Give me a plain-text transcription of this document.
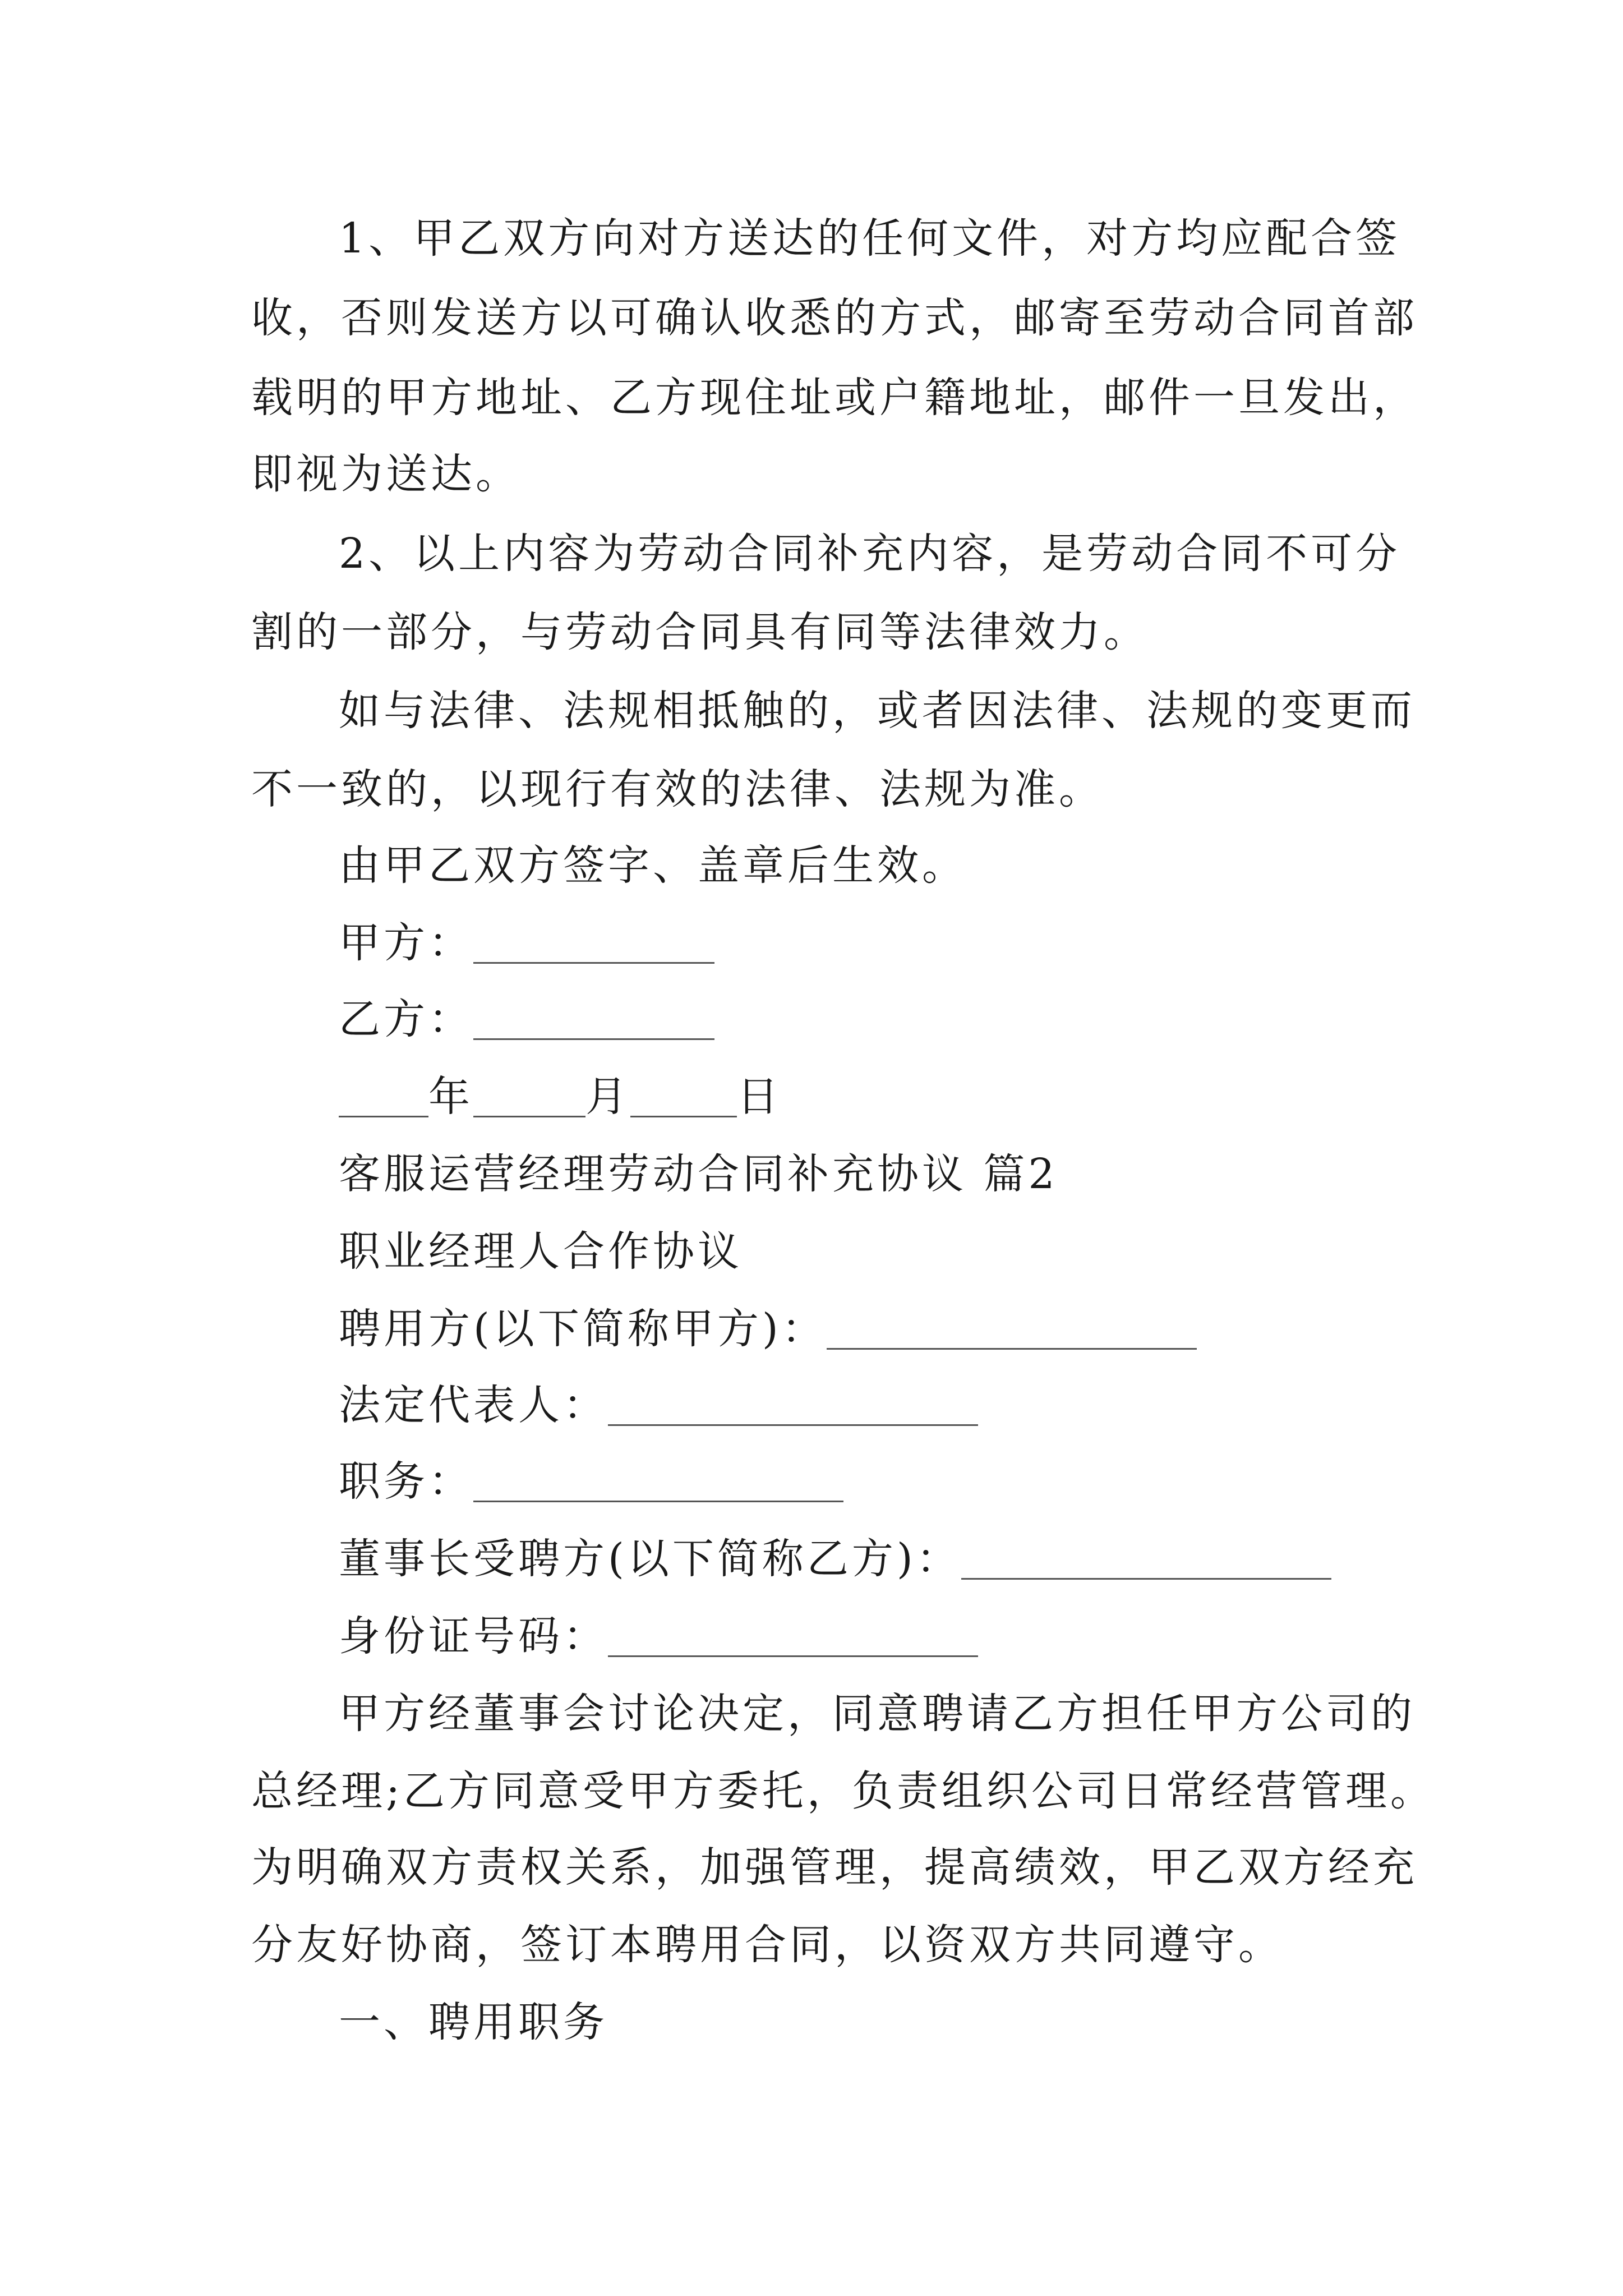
1、甲乙双方向对方送达的任何文件，对方均应配合签
收，否则发送方以可确认收悉的方式，邮寄至劳动合同首部
载明的甲方地址、乙方现住址或户籍地址，邮件一旦发出，
即视为送达。
2、以上内容为劳动合同补充内容，是劳动合同不可分
割的一部分，与劳动合同具有同等法律效力。
如与法律、法规相抵触的，或者因法律、法规的变更而
不一致的，以现行有效的法律、法规为准。
由甲乙双方签字、盖章后生效。
甲方：
乙方：
年	月	日
客服运营经理劳动合同补充协议 篇2
职业经理人合作协议
聘用方(以下简称甲方)：
法定代表人：
职务：
董事长受聘方(以下简称乙方)：
身份证号码：
甲方经董事会讨论决定，同意聘请乙方担任甲方公司的
总经理;乙方同意受甲方委托，负责组织公司日常经营管理。
为明确双方责权关系，加强管理，提高绩效，甲乙双方经充
分友好协商，签订本聘用合同，以资双方共同遵守。
一、聘用职务
